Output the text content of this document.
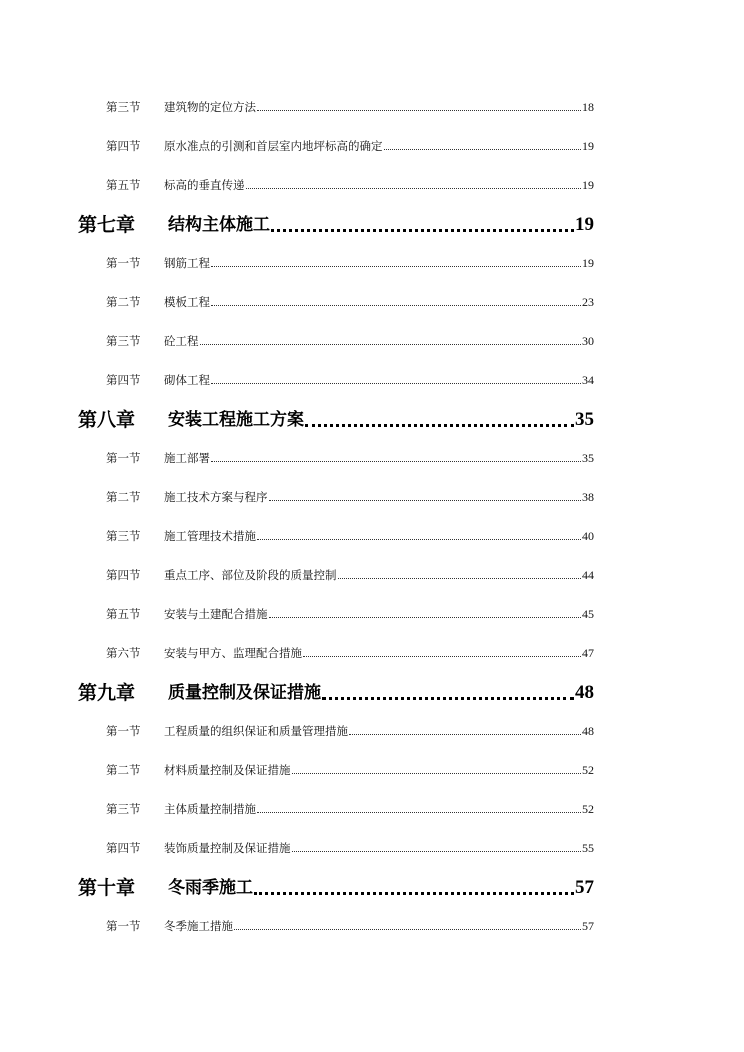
第三节	建筑物的定位方法	18
第四节	原水准点的引测和首层室内地坪标高的确定	19
第五节	标高的垂直传递	19
第七章	结构主体施工	19
第一节	钢筋工程	19
第二节	模板工程	23
第三节	砼工程	30
第四节	砌体工程	34
第八章	安装工程施工方案	35
第一节	施工部署	35
第二节	施工技术方案与程序	38
第三节	施工管理技术措施	40
第四节	重点工序、部位及阶段的质量控制	44
第五节	安装与土建配合措施	45
第六节	安装与甲方、监理配合措施	47
第九章	质量控制及保证措施	48
第一节	工程质量的组织保证和质量管理措施	48
第二节	材料质量控制及保证措施	52
第三节	主体质量控制措施	52
第四节	装饰质量控制及保证措施	55
第十章	冬雨季施工	57
第一节	冬季施工措施	57
